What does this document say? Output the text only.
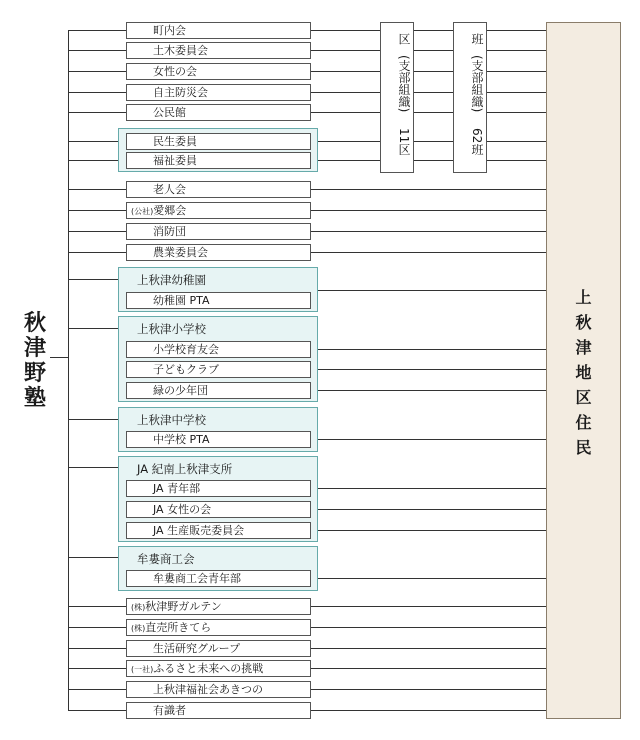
秋
津
野
塾
町内会
土木委員会
女性の会
自主防災会
公民館
民生委員
福祉委員
老人会
(公社)愛郷会
消防団
農業委員会
上秋津幼稚園
幼稚園 PTA
上秋津小学校
小学校育友会
子どもクラブ
緑の少年団
上秋津中学校
中学校 PTA
JA 紀南上秋津支所
JA 青年部
JA 女性の会
JA 生産販売委員会
牟婁商工会
牟婁商工会青年部
(株)秋津野ガルテン
(株)直売所きてら
生活研究グループ
(一社)ふるさと未来への挑戦
上秋津福祉会あきつの
有識者
区
(支部組織)
11区
班
(支部組織)
62班
上
秋
津
地
区
住
民
